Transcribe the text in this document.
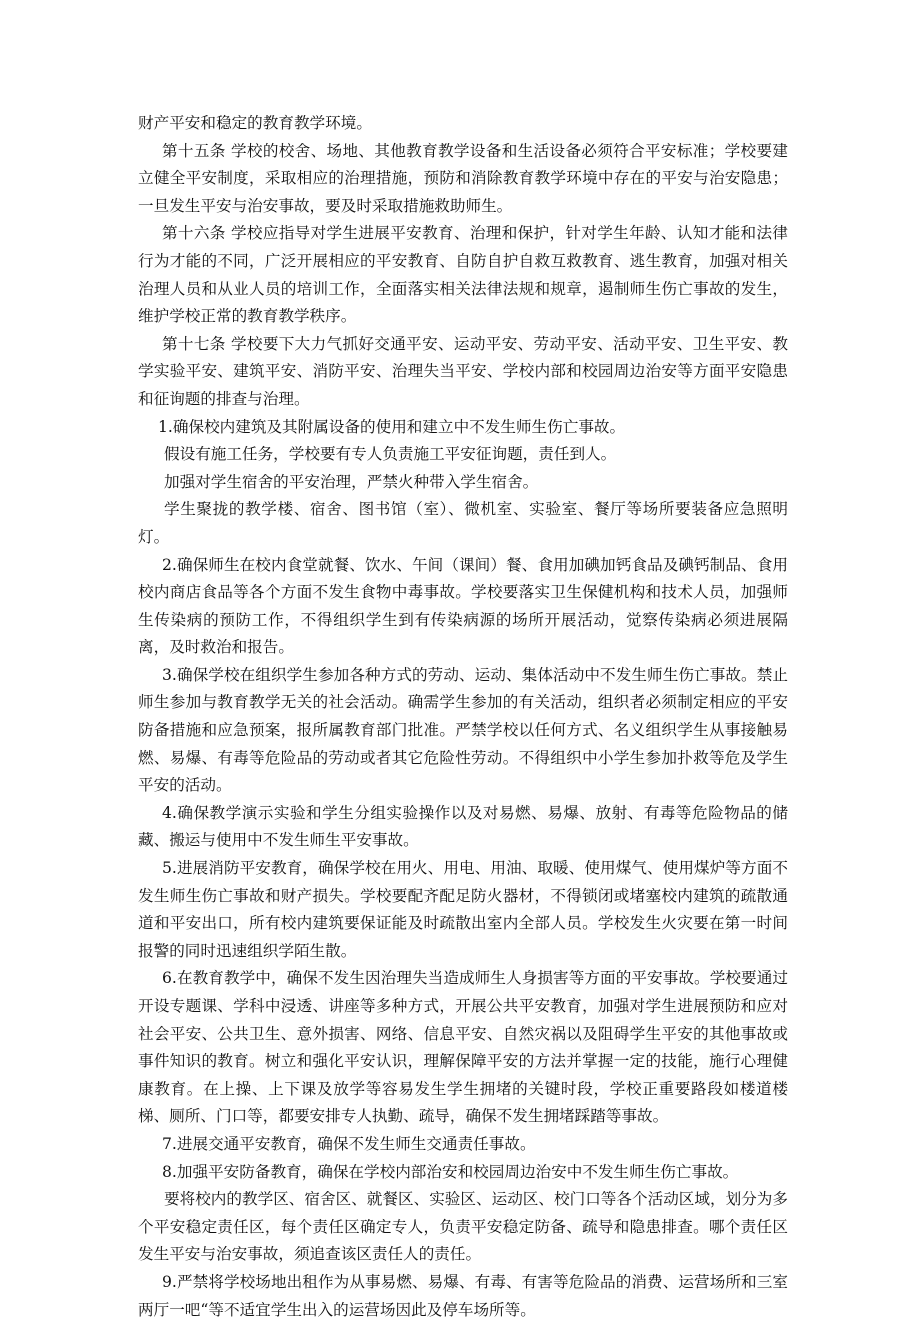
财产平安和稳定的教育教学环境。

第十五条 学校的校舍、场地、其他教育教学设备和生活设备必须符合平安标准；学校要建立健全平安制度，采取相应的治理措施，预防和消除教育教学环境中存在的平安与治安隐患；一旦发生平安与治安事故，要及时采取措施救助师生。

第十六条 学校应指导对学生进展平安教育、治理和保护，针对学生年龄、认知才能和法律行为才能的不同，广泛开展相应的平安教育、自防自护自救互救教育、逃生教育，加强对相关治理人员和从业人员的培训工作，全面落实相关法律法规和规章，遏制师生伤亡事故的发生，维护学校正常的教育教学秩序。

第十七条 学校要下大力气抓好交通平安、运动平安、劳动平安、活动平安、卫生平安、教学实验平安、建筑平安、消防平安、治理失当平安、学校内部和校园周边治安等方面平安隐患和征询题的排查与治理。

1.确保校内建筑及其附属设备的使用和建立中不发生师生伤亡事故。

假设有施工任务，学校要有专人负责施工平安征询题，责任到人。

加强对学生宿舍的平安治理，严禁火种带入学生宿舍。

学生聚拢的教学楼、宿舍、图书馆（室）、微机室、实验室、餐厅等场所要装备应急照明灯。

2.确保师生在校内食堂就餐、饮水、午间（课间）餐、食用加碘加钙食品及碘钙制品、食用校内商店食品等各个方面不发生食物中毒事故。学校要落实卫生保健机构和技术人员，加强师生传染病的预防工作，不得组织学生到有传染病源的场所开展活动，觉察传染病必须进展隔离，及时救治和报告。

3.确保学校在组织学生参加各种方式的劳动、运动、集体活动中不发生师生伤亡事故。禁止师生参加与教育教学无关的社会活动。确需学生参加的有关活动，组织者必须制定相应的平安防备措施和应急预案，报所属教育部门批准。严禁学校以任何方式、名义组织学生从事接触易燃、易爆、有毒等危险品的劳动或者其它危险性劳动。不得组织中小学生参加扑救等危及学生平安的活动。

4.确保教学演示实验和学生分组实验操作以及对易燃、易爆、放射、有毒等危险物品的储藏、搬运与使用中不发生师生平安事故。

5.进展消防平安教育，确保学校在用火、用电、用油、取暖、使用煤气、使用煤炉等方面不发生师生伤亡事故和财产损失。学校要配齐配足防火器材，不得锁闭或堵塞校内建筑的疏散通道和平安出口，所有校内建筑要保证能及时疏散出室内全部人员。学校发生火灾要在第一时间报警的同时迅速组织学陌生散。

6.在教育教学中，确保不发生因治理失当造成师生人身损害等方面的平安事故。学校要通过开设专题课、学科中浸透、讲座等多种方式，开展公共平安教育，加强对学生进展预防和应对社会平安、公共卫生、意外损害、网络、信息平安、自然灾祸以及阻碍学生平安的其他事故或事件知识的教育。树立和强化平安认识，理解保障平安的方法并掌握一定的技能，施行心理健康教育。在上操、上下课及放学等容易发生学生拥堵的关键时段，学校正重要路段如楼道楼梯、厕所、门口等，都要安排专人执勤、疏导，确保不发生拥堵踩踏等事故。

7.进展交通平安教育，确保不发生师生交通责任事故。

8.加强平安防备教育，确保在学校内部治安和校园周边治安中不发生师生伤亡事故。

要将校内的教学区、宿舍区、就餐区、实验区、运动区、校门口等各个活动区域，划分为多个平安稳定责任区，每个责任区确定专人，负责平安稳定防备、疏导和隐患排查。哪个责任区发生平安与治安事故，须追查该区责任人的责任。

9.严禁将学校场地出租作为从事易燃、易爆、有毒、有害等危险品的消费、运营场所和三室两厅一吧“等不适宜学生出入的运营场因此及停车场所等。
